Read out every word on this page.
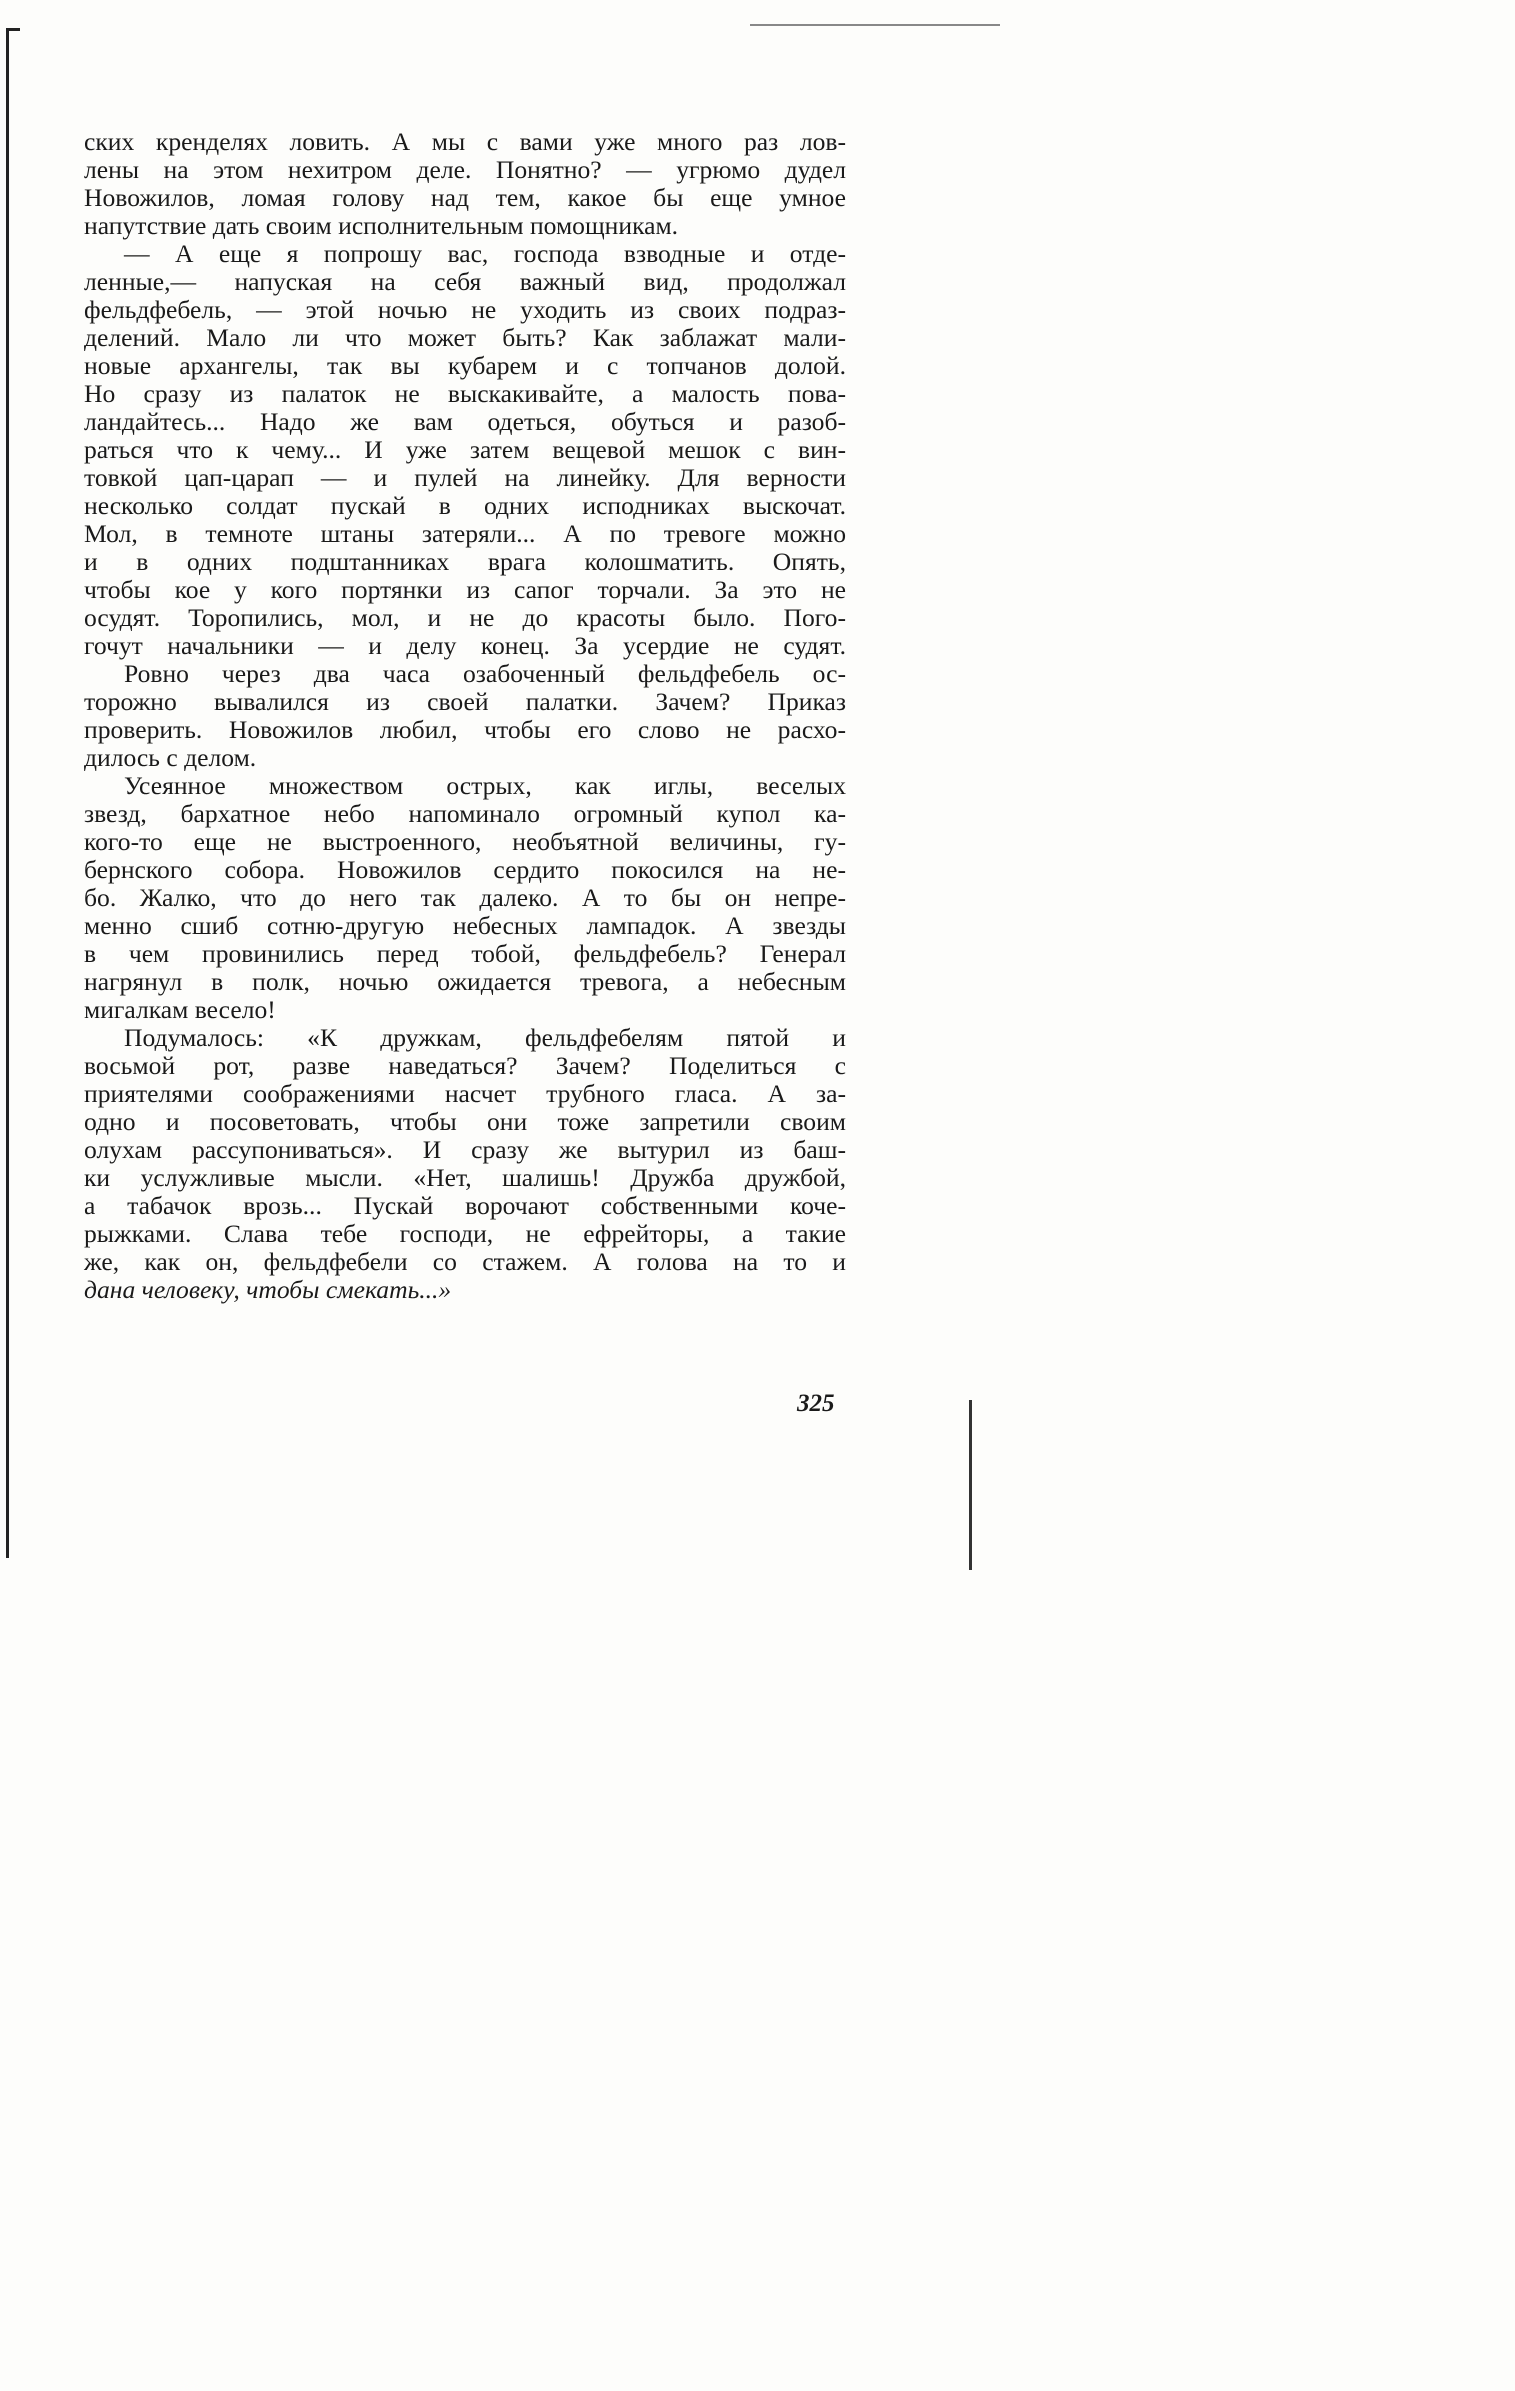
ских кренделях ловить. А мы с вами уже много раз лов-
лены на этом нехитром деле. Понятно? — угрюмо дудел
Новожилов, ломая голову над тем, какое бы еще умное
напутствие дать своим исполнительным помощникам.
— А еще я попрошу вас, господа взводные и отде-
ленные,— напуская на себя важный вид, продолжал
фельдфебель, — этой ночью не уходить из своих подраз-
делений. Мало ли что может быть? Как заблажат мали-
новые архангелы, так вы кубарем и с топчанов долой.
Но сразу из палаток не выскакивайте, а малость пова-
ландайтесь... Надо же вам одеться, обуться и разоб-
раться что к чему... И уже затем вещевой мешок с вин-
товкой цап-царап — и пулей на линейку. Для верности
несколько солдат пускай в одних исподниках выскочат.
Мол, в темноте штаны затеряли... А по тревоге можно
и в одних подштанниках врага колошматить. Опять,
чтобы кое у кого портянки из сапог торчали. За это не
осудят. Торопились, мол, и не до красоты было. Пого-
гочут начальники — и делу конец. За усердие не судят.
Ровно через два часа озабоченный фельдфебель ос-
торожно вывалился из своей палатки. Зачем? Приказ
проверить. Новожилов любил, чтобы его слово не расхо-
дилось с делом.
Усеянное множеством острых, как иглы, веселых
звезд, бархатное небо напоминало огромный купол ка-
кого-то еще не выстроенного, необъятной величины, гу-
бернского собора. Новожилов сердито покосился на не-
бо. Жалко, что до него так далеко. А то бы он непре-
менно сшиб сотню-другую небесных лампадок. А звезды
в чем провинились перед тобой, фельдфебель? Генерал
нагрянул в полк, ночью ожидается тревога, а небесным
мигалкам весело!
Подумалось: «К дружкам, фельдфебелям пятой и
восьмой рот, разве наведаться? Зачем? Поделиться с
приятелями соображениями насчет трубного гласа. А за-
одно и посоветовать, чтобы они тоже запретили своим
олухам рассупониваться». И сразу же вытурил из баш-
ки услужливые мысли. «Нет, шалишь! Дружба дружбой,
а табачок врозь... Пускай ворочают собственными коче-
рыжками. Слава тебе господи, не ефрейторы, а такие
же, как он, фельдфебели со стажем. А голова на то и
дана человеку, чтобы смекать...»
325
